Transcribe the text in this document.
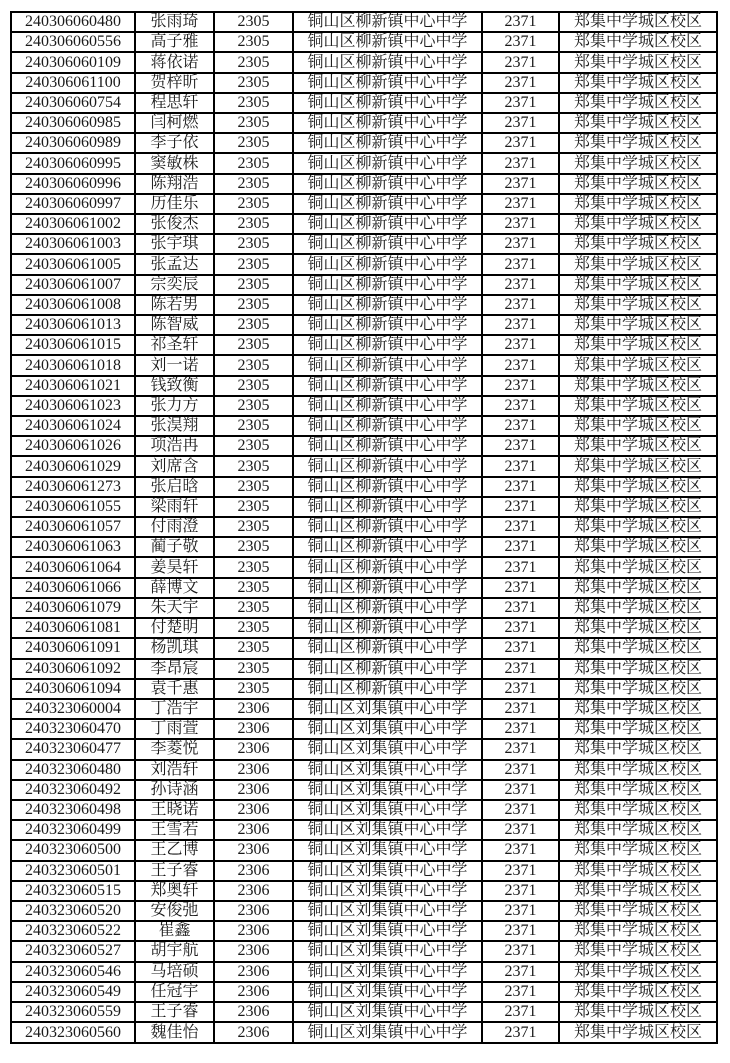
240306060480	张雨琦	2305	铜山区柳新镇中心中学	2371	郑集中学城区校区
240306060556	高子雅	2305	铜山区柳新镇中心中学	2371	郑集中学城区校区
240306060109	蒋依诺	2305	铜山区柳新镇中心中学	2371	郑集中学城区校区
240306061100	贺梓昕	2305	铜山区柳新镇中心中学	2371	郑集中学城区校区
240306060754	程思轩	2305	铜山区柳新镇中心中学	2371	郑集中学城区校区
240306060985	闫柯燃	2305	铜山区柳新镇中心中学	2371	郑集中学城区校区
240306060989	李子依	2305	铜山区柳新镇中心中学	2371	郑集中学城区校区
240306060995	窦敏株	2305	铜山区柳新镇中心中学	2371	郑集中学城区校区
240306060996	陈翔浩	2305	铜山区柳新镇中心中学	2371	郑集中学城区校区
240306060997	历佳乐	2305	铜山区柳新镇中心中学	2371	郑集中学城区校区
240306061002	张俊杰	2305	铜山区柳新镇中心中学	2371	郑集中学城区校区
240306061003	张宇琪	2305	铜山区柳新镇中心中学	2371	郑集中学城区校区
240306061005	张孟达	2305	铜山区柳新镇中心中学	2371	郑集中学城区校区
240306061007	宗奕辰	2305	铜山区柳新镇中心中学	2371	郑集中学城区校区
240306061008	陈若男	2305	铜山区柳新镇中心中学	2371	郑集中学城区校区
240306061013	陈智威	2305	铜山区柳新镇中心中学	2371	郑集中学城区校区
240306061015	祁圣轩	2305	铜山区柳新镇中心中学	2371	郑集中学城区校区
240306061018	刘一诺	2305	铜山区柳新镇中心中学	2371	郑集中学城区校区
240306061021	钱致衡	2305	铜山区柳新镇中心中学	2371	郑集中学城区校区
240306061023	张力方	2305	铜山区柳新镇中心中学	2371	郑集中学城区校区
240306061024	张淏翔	2305	铜山区柳新镇中心中学	2371	郑集中学城区校区
240306061026	项浩冉	2305	铜山区柳新镇中心中学	2371	郑集中学城区校区
240306061029	刘席含	2305	铜山区柳新镇中心中学	2371	郑集中学城区校区
240306061273	张启晗	2305	铜山区柳新镇中心中学	2371	郑集中学城区校区
240306061055	梁雨轩	2305	铜山区柳新镇中心中学	2371	郑集中学城区校区
240306061057	付雨澄	2305	铜山区柳新镇中心中学	2371	郑集中学城区校区
240306061063	蔺子敬	2305	铜山区柳新镇中心中学	2371	郑集中学城区校区
240306061064	姜昊轩	2305	铜山区柳新镇中心中学	2371	郑集中学城区校区
240306061066	薛博文	2305	铜山区柳新镇中心中学	2371	郑集中学城区校区
240306061079	朱天宇	2305	铜山区柳新镇中心中学	2371	郑集中学城区校区
240306061081	付楚明	2305	铜山区柳新镇中心中学	2371	郑集中学城区校区
240306061091	杨凯琪	2305	铜山区柳新镇中心中学	2371	郑集中学城区校区
240306061092	李昂宸	2305	铜山区柳新镇中心中学	2371	郑集中学城区校区
240306061094	袁千惠	2305	铜山区柳新镇中心中学	2371	郑集中学城区校区
240323060004	丁浩宇	2306	铜山区刘集镇中心中学	2371	郑集中学城区校区
240323060470	丁雨萱	2306	铜山区刘集镇中心中学	2371	郑集中学城区校区
240323060477	李菱悦	2306	铜山区刘集镇中心中学	2371	郑集中学城区校区
240323060480	刘浩轩	2306	铜山区刘集镇中心中学	2371	郑集中学城区校区
240323060492	孙诗涵	2306	铜山区刘集镇中心中学	2371	郑集中学城区校区
240323060498	王晓诺	2306	铜山区刘集镇中心中学	2371	郑集中学城区校区
240323060499	王雪若	2306	铜山区刘集镇中心中学	2371	郑集中学城区校区
240323060500	王乙博	2306	铜山区刘集镇中心中学	2371	郑集中学城区校区
240323060501	王子睿	2306	铜山区刘集镇中心中学	2371	郑集中学城区校区
240323060515	郑奥轩	2306	铜山区刘集镇中心中学	2371	郑集中学城区校区
240323060520	安俊弛	2306	铜山区刘集镇中心中学	2371	郑集中学城区校区
240323060522	崔鑫	2306	铜山区刘集镇中心中学	2371	郑集中学城区校区
240323060527	胡宇航	2306	铜山区刘集镇中心中学	2371	郑集中学城区校区
240323060546	马培硕	2306	铜山区刘集镇中心中学	2371	郑集中学城区校区
240323060549	任冠宇	2306	铜山区刘集镇中心中学	2371	郑集中学城区校区
240323060559	王子睿	2306	铜山区刘集镇中心中学	2371	郑集中学城区校区
240323060560	魏佳怡	2306	铜山区刘集镇中心中学	2371	郑集中学城区校区
